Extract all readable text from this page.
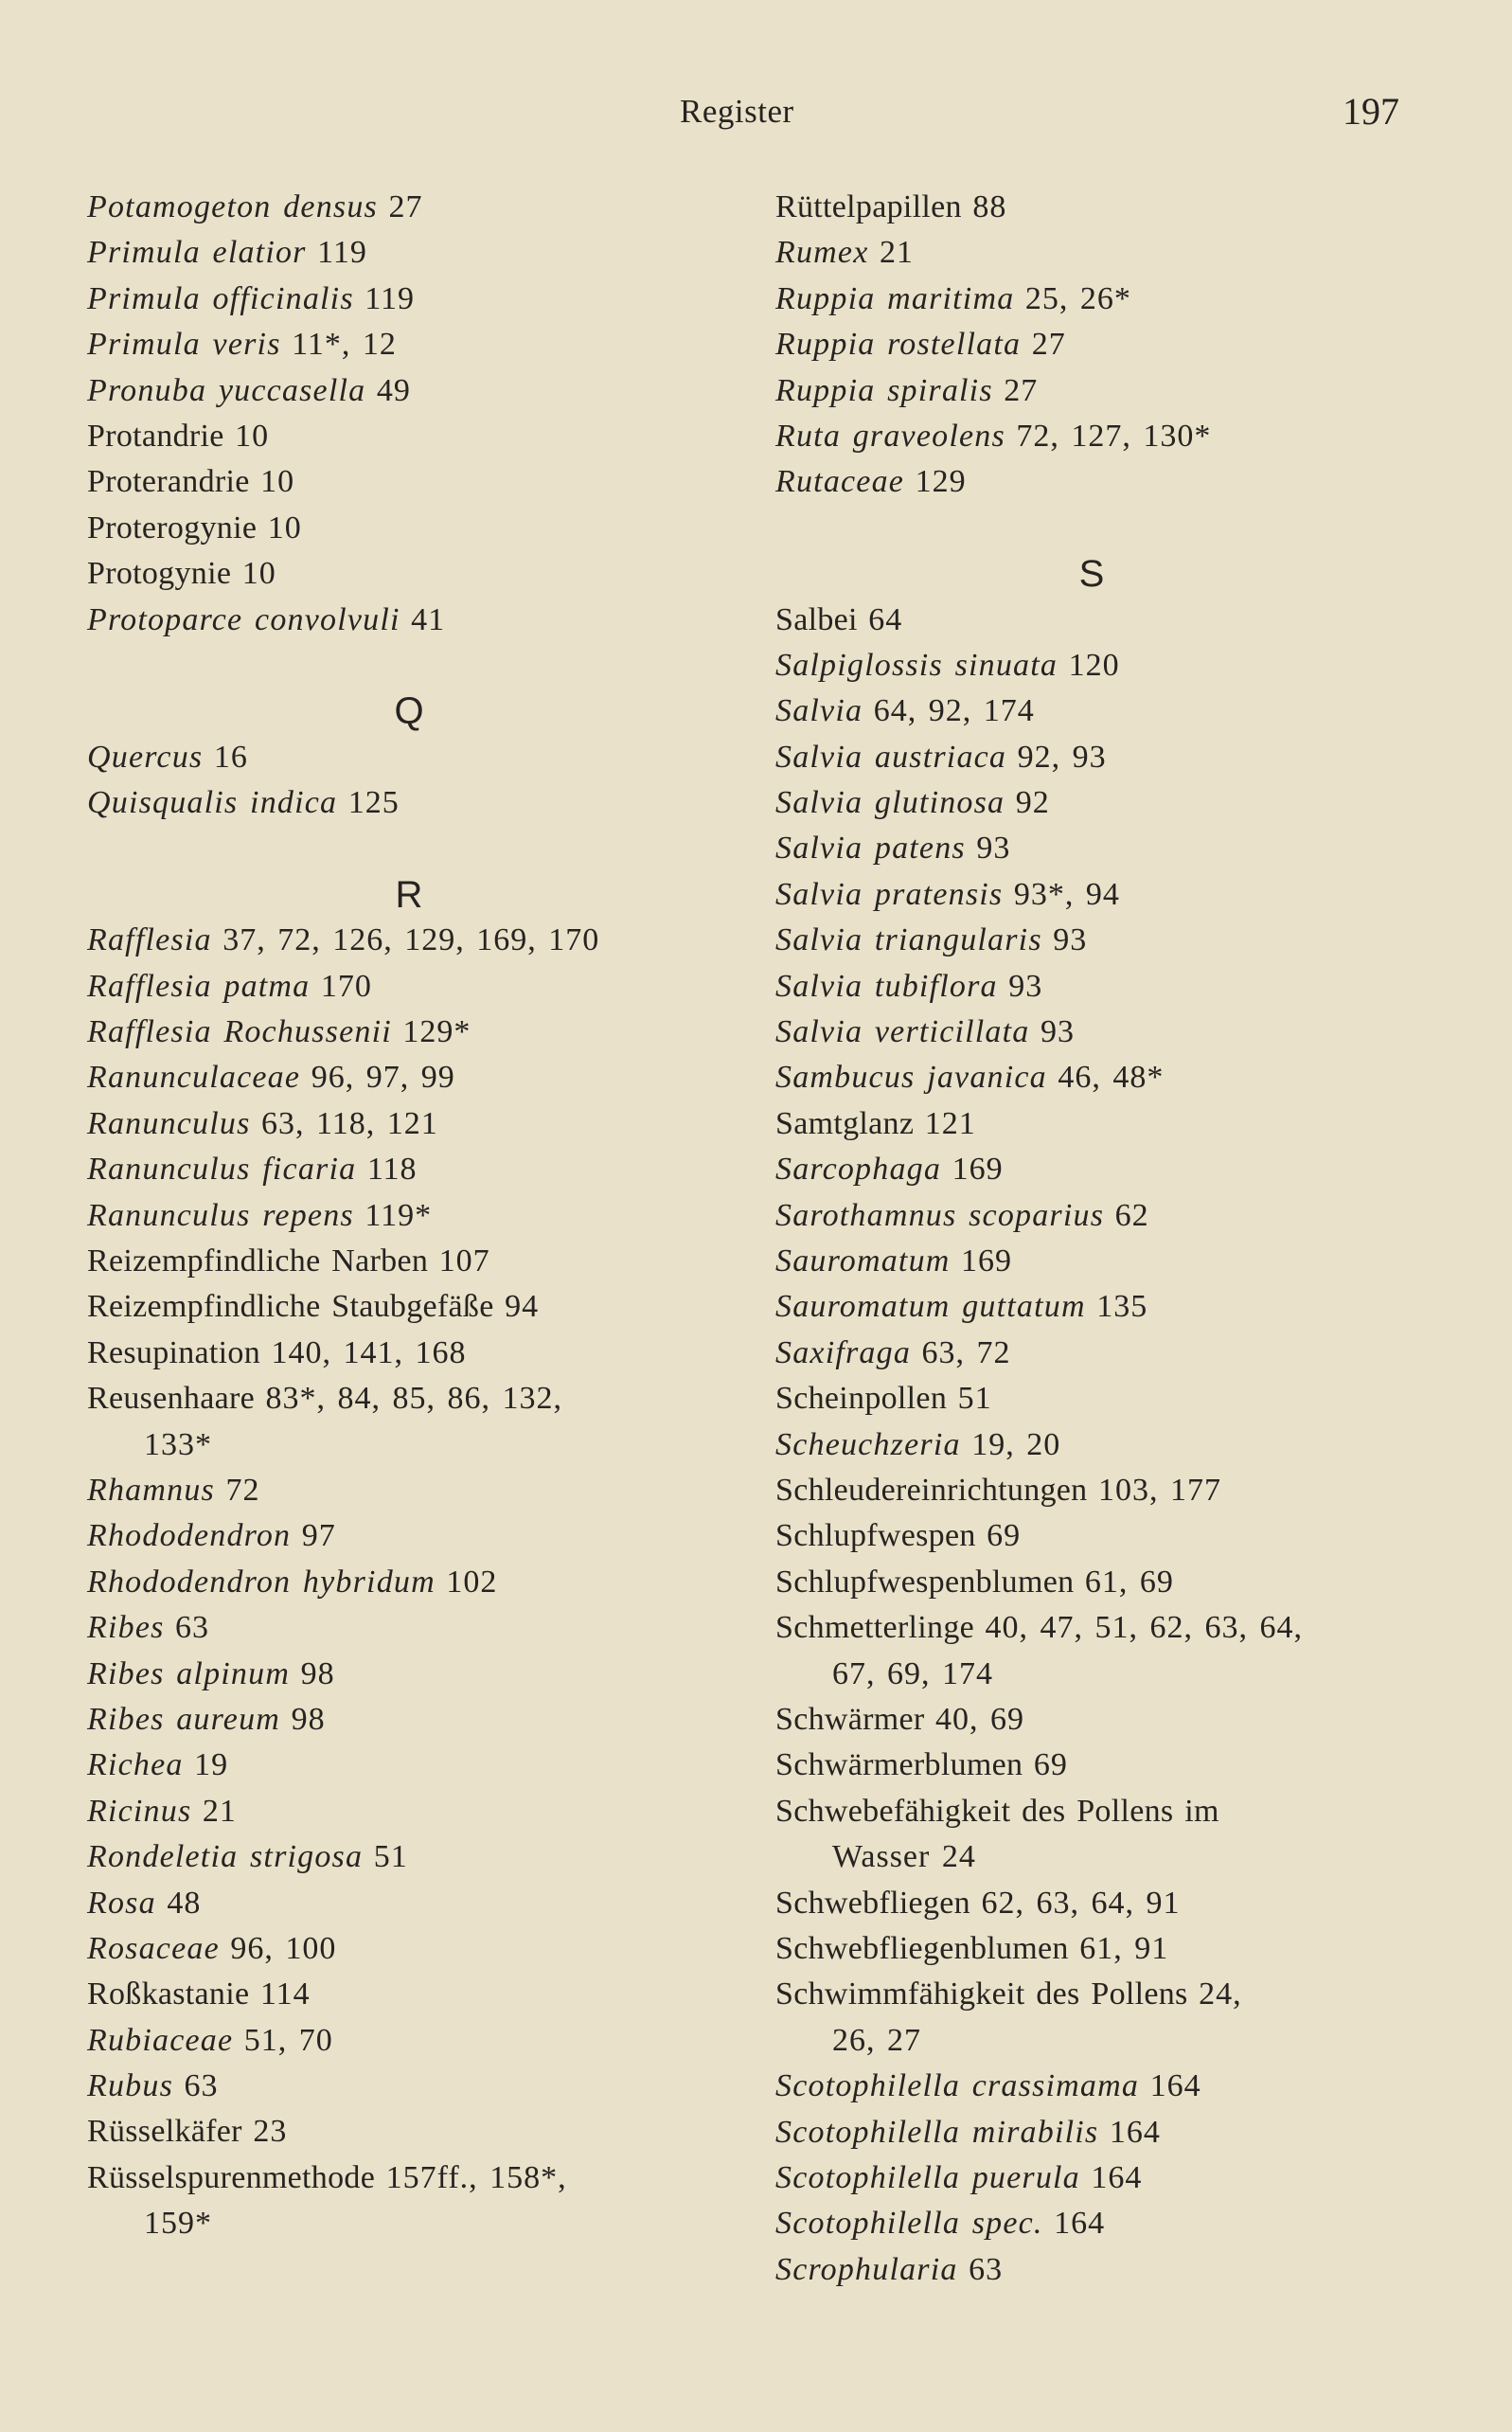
Register	197
Potamogeton densus 27
Primula elatior 119
Primula officinalis 119
Primula veris 11*, 12
Pronuba yuccasella 49
Protandrie 10
Proterandrie 10
Proterogynie 10
Protogynie 10
Protoparce convolvuli 41
Q
Quercus 16
Quisqualis indica 125
R
Rafflesia 37, 72, 126, 129, 169, 170
Rafflesia patma 170
Rafflesia Rochussenii 129*
Ranunculaceae 96, 97, 99
Ranunculus 63, 118, 121
Ranunculus ficaria 118
Ranunculus repens 119*
Reizempfindliche Narben 107
Reizempfindliche Staubgefäße 94
Resupination 140, 141, 168
Reusenhaare 83*, 84, 85, 86, 132,
133*
Rhamnus 72
Rhododendron 97
Rhododendron hybridum 102
Ribes 63
Ribes alpinum 98
Ribes aureum 98
Richea 19
Ricinus 21
Rondeletia strigosa 51
Rosa 48
Rosaceae 96, 100
Roßkastanie 114
Rubiaceae 51, 70
Rubus 63
Rüsselkäfer 23
Rüsselspurenmethode 157ff., 158*,
159*
Rüttelpapillen 88
Rumex 21
Ruppia maritima 25, 26*
Ruppia rostellata 27
Ruppia spiralis 27
Ruta graveolens 72, 127, 130*
Rutaceae 129
S
Salbei 64
Salpiglossis sinuata 120
Salvia 64, 92, 174
Salvia austriaca 92, 93
Salvia glutinosa 92
Salvia patens 93
Salvia pratensis 93*, 94
Salvia triangularis 93
Salvia tubiflora 93
Salvia verticillata 93
Sambucus javanica 46, 48*
Samtglanz 121
Sarcophaga 169
Sarothamnus scoparius 62
Sauromatum 169
Sauromatum guttatum 135
Saxifraga 63, 72
Scheinpollen 51
Scheuchzeria 19, 20
Schleudereinrichtungen 103, 177
Schlupfwespen 69
Schlupfwespenblumen 61, 69
Schmetterlinge 40, 47, 51, 62, 63, 64,
67, 69, 174
Schwärmer 40, 69
Schwärmerblumen 69
Schwebefähigkeit des Pollens im
Wasser 24
Schwebfliegen 62, 63, 64, 91
Schwebfliegenblumen 61, 91
Schwimmfähigkeit des Pollens 24,
26, 27
Scotophilella crassimama 164
Scotophilella mirabilis 164
Scotophilella puerula 164
Scotophilella spec. 164
Scrophularia 63
